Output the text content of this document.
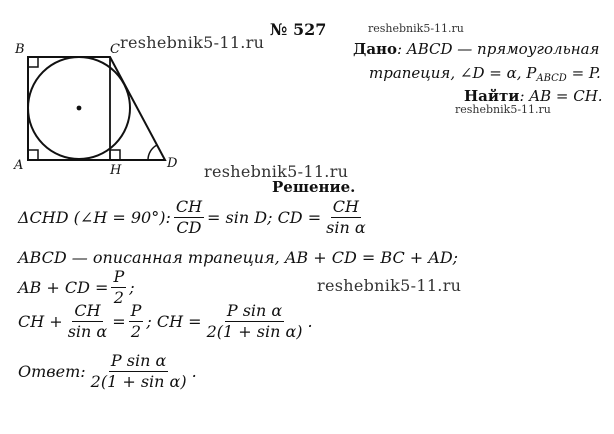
B	C
A	H	D
reshebnik5-11.ru
reshebnik5-11.ru
reshebnik5-11.ru
reshebnik5-11.ru
reshebnik5-11.ru
№ 527
Дано: ABCD — прямоугольная
трапеция, ∠D = α, $P_{ABCD} = P$.
Найти: AB = CH.
Решение.
ΔCHD (∠H = 90°): $\frac{CH}{CD} = \sin D$; CD = $\frac{CH}{\text{sin α}}$
ABCD — описанная трапеция, AB + CD = BC + AD;
AB + CD = $\frac{P}{2}$ ;
CH + $\frac{CH}{\text{sin α}} = \frac{P}{2}$ ; CH = $\frac{\text{P sin α}}{\text{2(1 + sin α)}}$ .
Ответ : $\frac{\text{P sin α}}{\text{2(1 + sin α)}}$ .
